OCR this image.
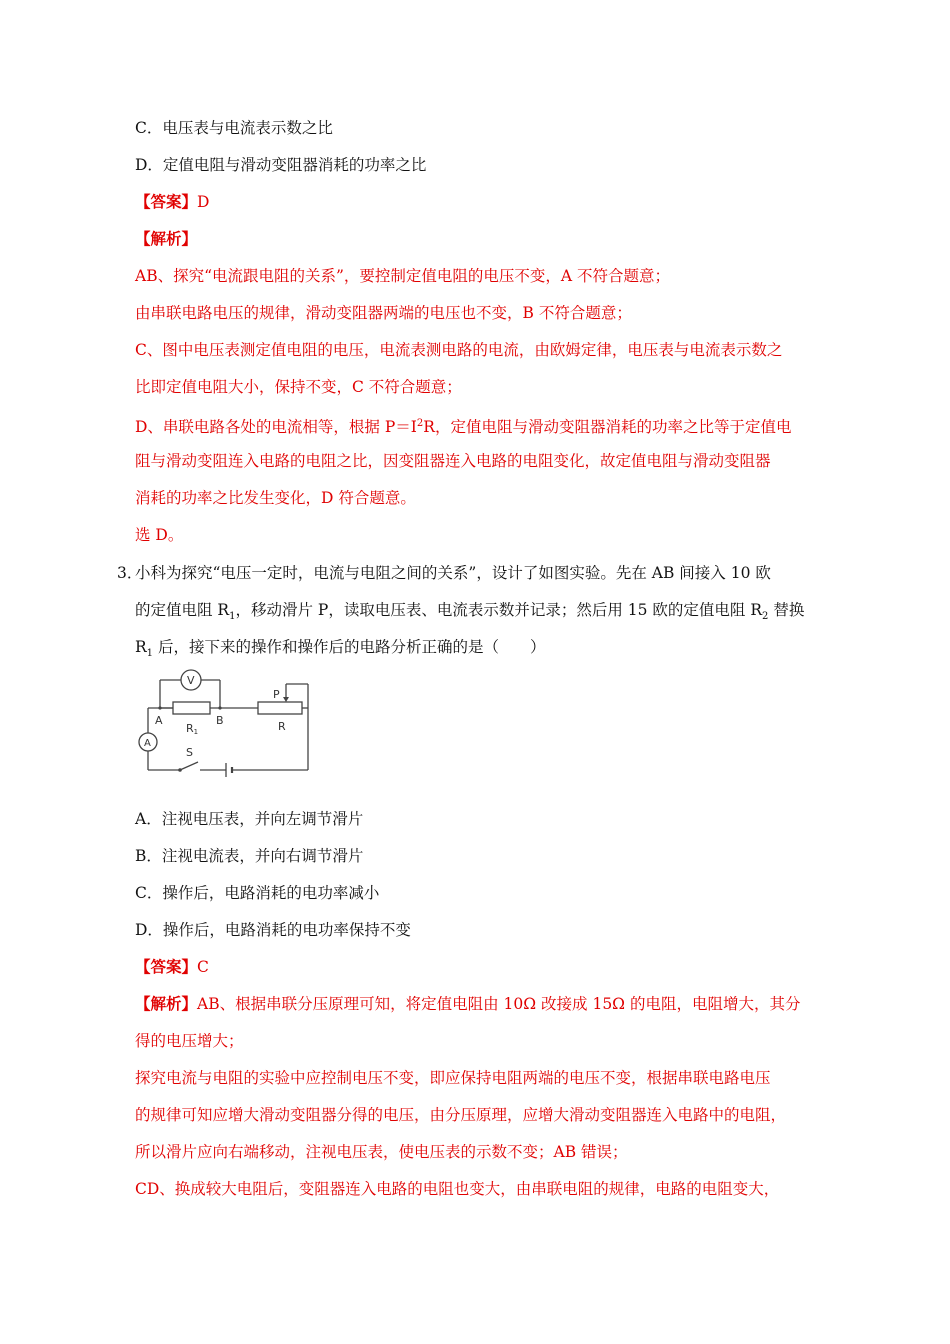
C．电压表与电流表示数之比
D．定值电阻与滑动变阻器消耗的功率之比
【答案】D
【解析】
AB、探究“电流跟电阻的关系”，要控制定值电阻的电压不变，A 不符合题意；
由串联电路电压的规律，滑动变阻器两端的电压也不变，B 不符合题意；
C、图中电压表测定值电阻的电压，电流表测电路的电流，由欧姆定律，电压表与电流表示数之
比即定值电阻大小，保持不变，C 不符合题意；
D、串联电路各处的电流相等，根据 $P=I^2R$，定值电阻与滑动变阻器消耗的功率之比等于定值电
阻与滑动变阻连入电路的电阻之比，因变阻器连入电路的电阻变化，故定值电阻与滑动变阻器
消耗的功率之比发生变化，D 符合题意。
选 D。
3．
小科为探究“电压一定时，电流与电阻之间的关系”，设计了如图实验。先在 AB 间接入 10 欧
的定值电阻 $R_1$，移动滑片 P，读取电压表、电流表示数并记录；然后用 15 欧的定值电阻 $R_2$ 替换
$R_1$ 后，接下来的操作和操作后的电路分析正确的是（　　）
V
A
A	B
R1
P
R
S
A．注视电压表，并向左调节滑片
B．注视电流表，并向右调节滑片
C．操作后，电路消耗的电功率减小
D．操作后，电路消耗的电功率保持不变
【答案】C
【解析】AB、根据串联分压原理可知，将定值电阻由 10Ω 改接成 15Ω 的电阻，电阻增大，其分
得的电压增大；
探究电流与电阻的实验中应控制电压不变，即应保持电阻两端的电压不变，根据串联电路电压
的规律可知应增大滑动变阻器分得的电压，由分压原理，应增大滑动变阻器连入电路中的电阻，
所以滑片应向右端移动，注视电压表，使电压表的示数不变；AB 错误；
CD、换成较大电阻后，变阻器连入电路的电阻也变大，由串联电阻的规律，电路的电阻变大，
